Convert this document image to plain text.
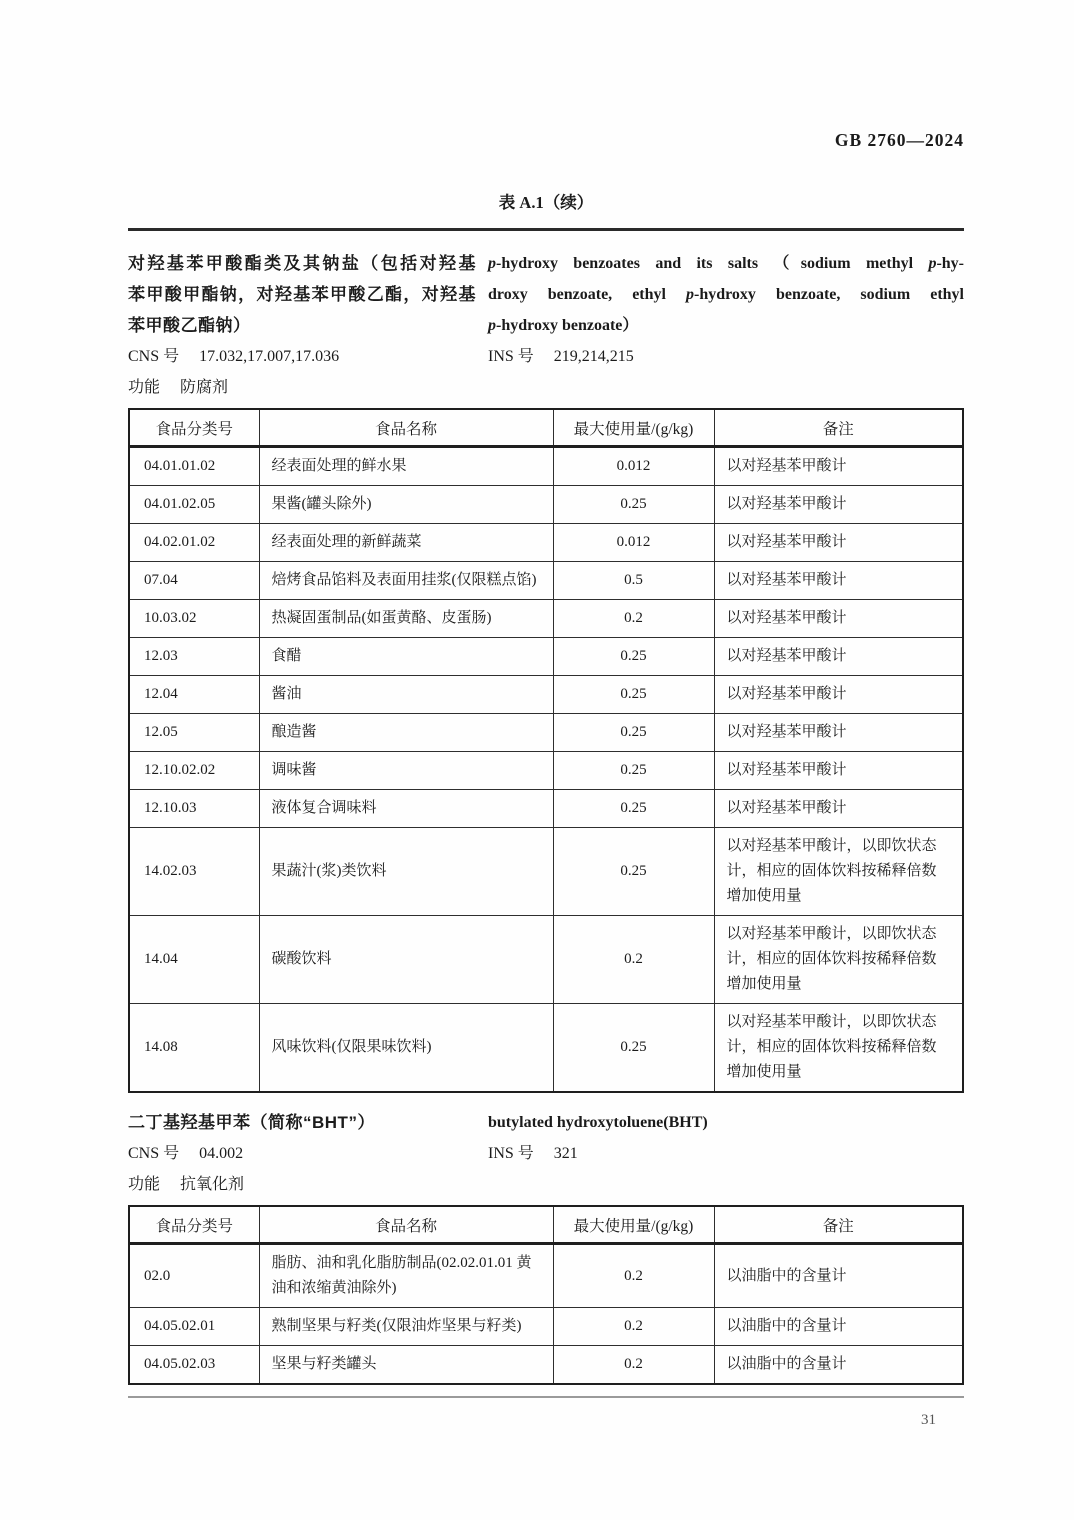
GB 2760—2024
表 A.1（续）
对羟基苯甲酸酯类及其钠盐（包括对羟基
苯甲酸甲酯钠，对羟基苯甲酸乙酯，对羟基
苯甲酸乙酯钠）
p-hydroxy benzoates and its salts （sodium methyl p-hy-
droxy benzoate, ethyl p-hydroxy benzoate, sodium ethyl
p-hydroxy benzoate）
CNS 号 17.032,17.007,17.036	INS 号 219,214,215
功能 防腐剂
食品分类号	食品名称	最大使用量/(g/kg)	备注
04.01.01.02	经表面处理的鲜水果	0.012	以对羟基苯甲酸计
04.01.02.05	果酱(罐头除外)	0.25	以对羟基苯甲酸计
04.02.01.02	经表面处理的新鲜蔬菜	0.012	以对羟基苯甲酸计
07.04	焙烤食品馅料及表面用挂浆(仅限糕点馅)	0.5	以对羟基苯甲酸计
10.03.02	热凝固蛋制品(如蛋黄酪、皮蛋肠)	0.2	以对羟基苯甲酸计
12.03	食醋	0.25	以对羟基苯甲酸计
12.04	酱油	0.25	以对羟基苯甲酸计
12.05	酿造酱	0.25	以对羟基苯甲酸计
12.10.02.02	调味酱	0.25	以对羟基苯甲酸计
12.10.03	液体复合调味料	0.25	以对羟基苯甲酸计
14.02.03	果蔬汁(浆)类饮料	0.25	以对羟基苯甲酸计，以即饮状态计，相应的固体饮料按稀释倍数增加使用量
14.04	碳酸饮料	0.2	以对羟基苯甲酸计，以即饮状态计，相应的固体饮料按稀释倍数增加使用量
14.08	风味饮料(仅限果味饮料)	0.25	以对羟基苯甲酸计，以即饮状态计，相应的固体饮料按稀释倍数增加使用量
二丁基羟基甲苯（简称“BHT”）	butylated hydroxytoluene(BHT)
CNS 号 04.002	INS 号 321
功能 抗氧化剂
食品分类号	食品名称	最大使用量/(g/kg)	备注
02.0	脂肪、油和乳化脂肪制品(02.02.01.01 黄油和浓缩黄油除外)	0.2	以油脂中的含量计
04.05.02.01	熟制坚果与籽类(仅限油炸坚果与籽类)	0.2	以油脂中的含量计
04.05.02.03	坚果与籽类罐头	0.2	以油脂中的含量计
31
